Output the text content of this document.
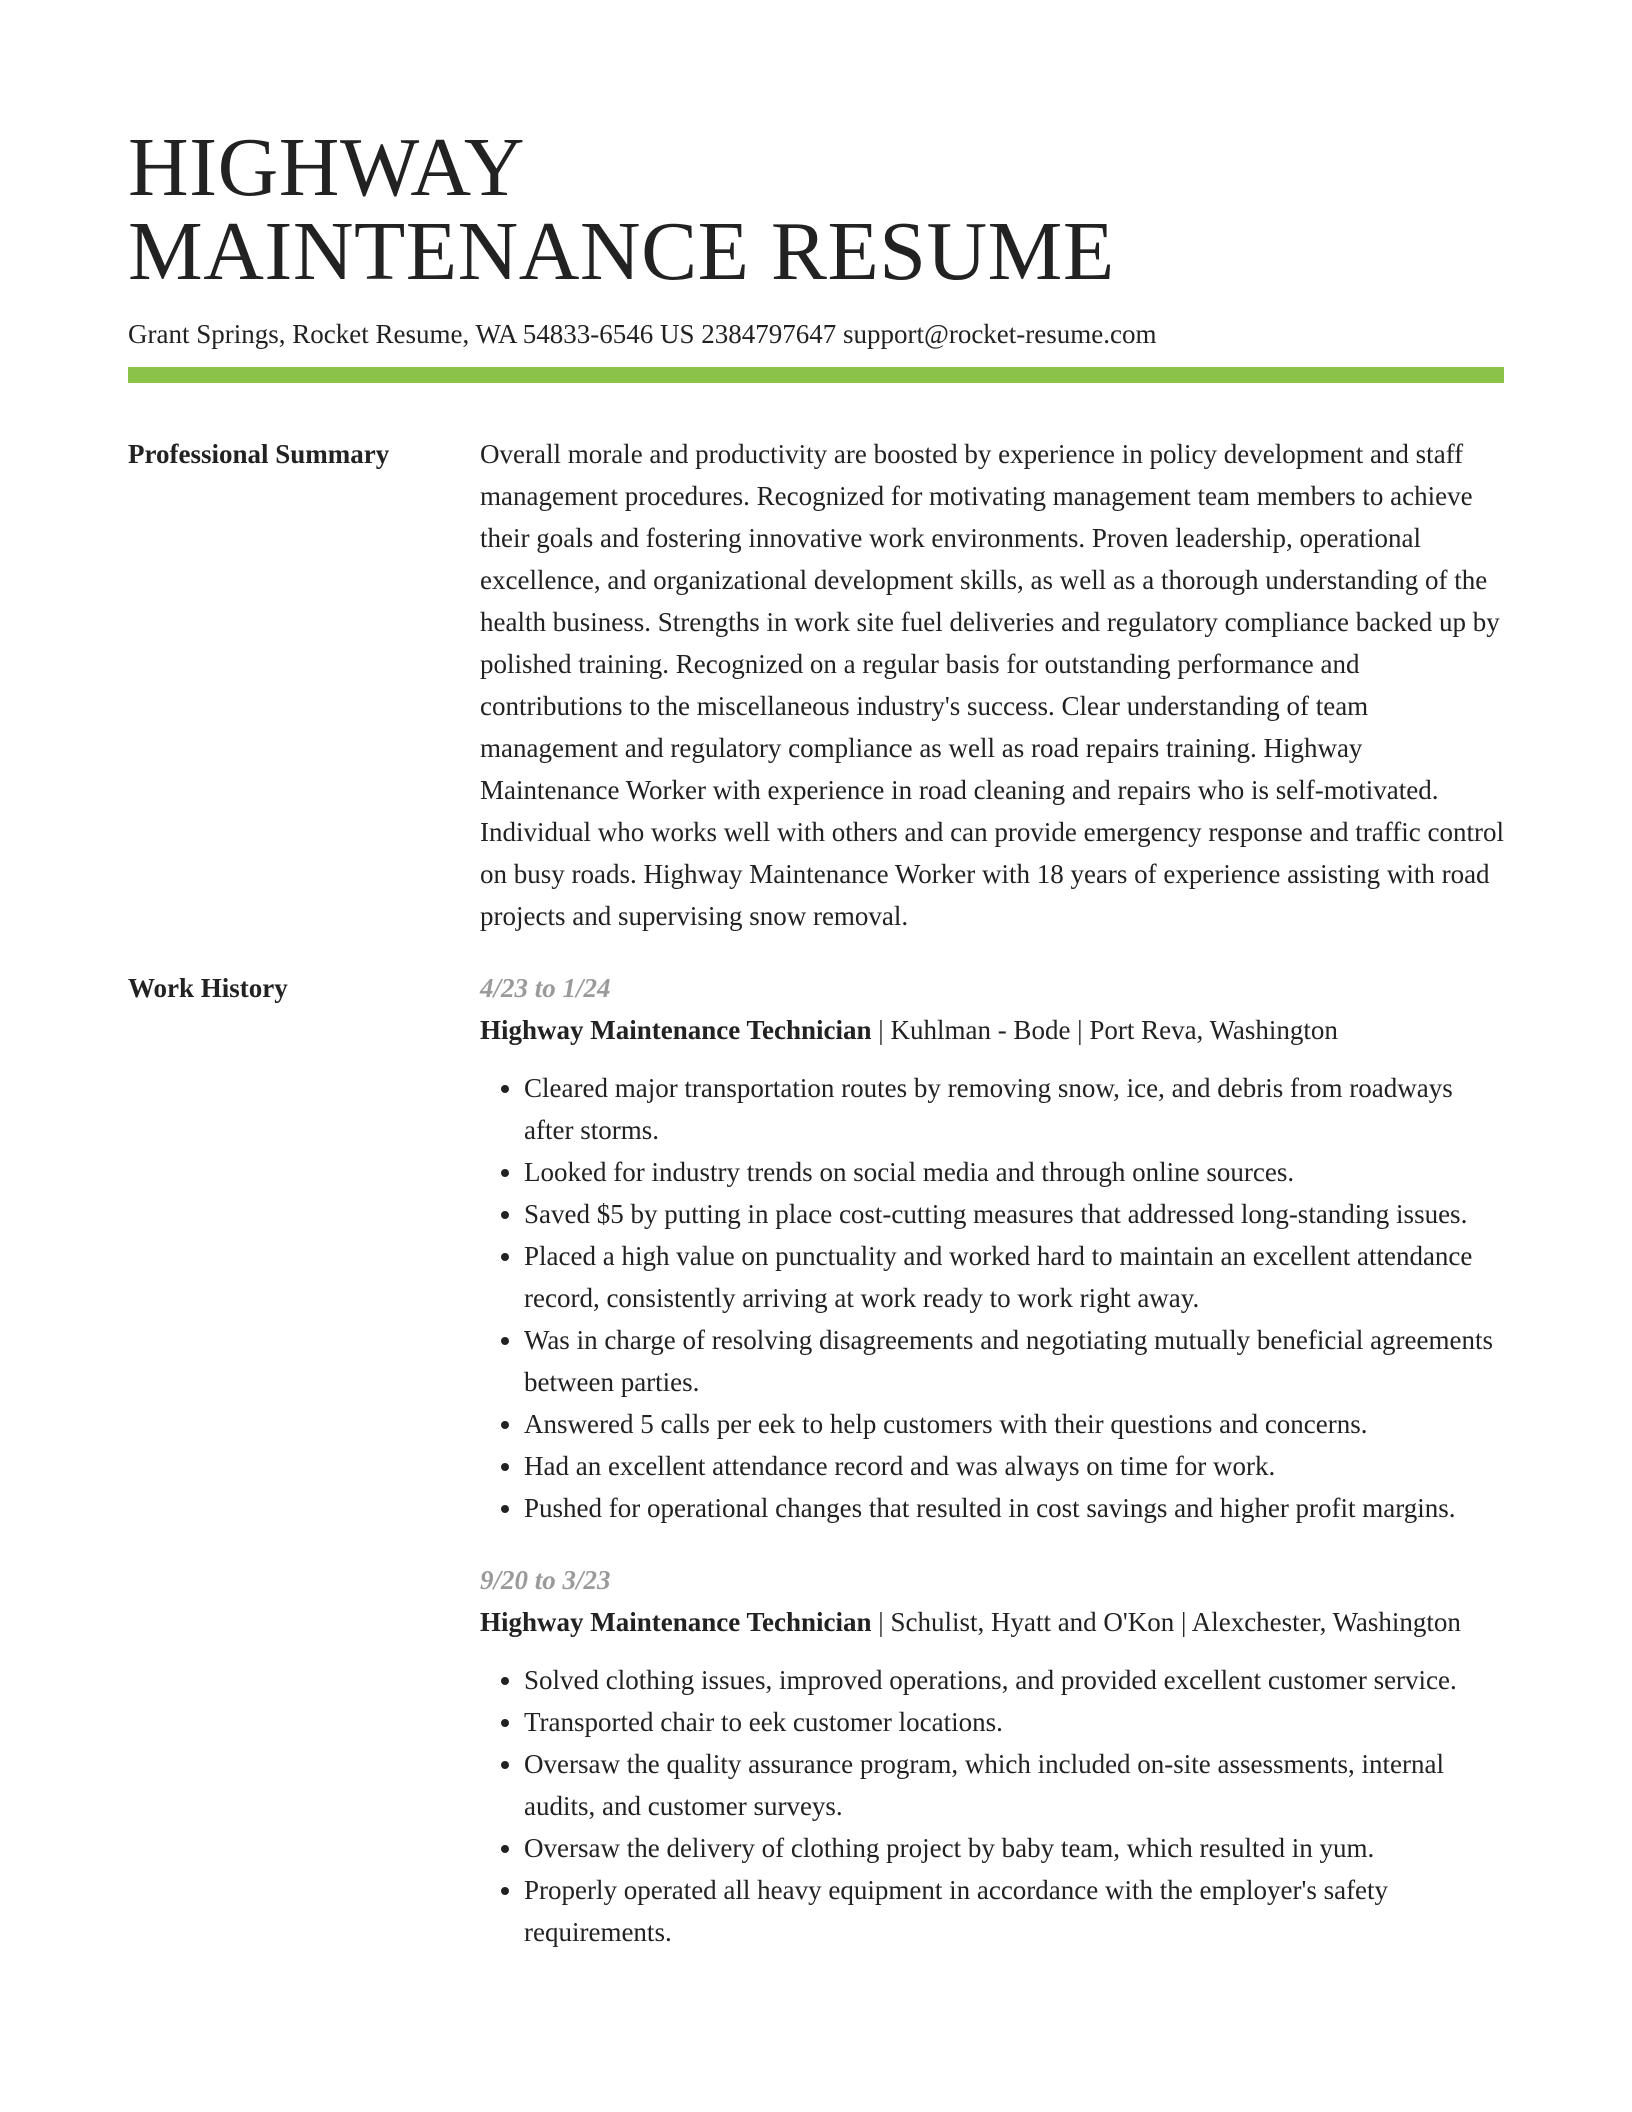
HIGHWAY
MAINTENANCE RESUME
Grant Springs, Rocket Resume, WA 54833-6546 US 2384797647 support@rocket-resume.com
Professional Summary	Overall morale and productivity are boosted by experience in policy development and staff management procedures. Recognized for motivating management team members to achieve their goals and fostering innovative work environments. Proven leadership, operational excellence, and organizational development skills, as well as a thorough understanding of the health business. Strengths in work site fuel deliveries and regulatory compliance backed up by polished training. Recognized on a regular basis for outstanding performance and contributions to the miscellaneous industry's success. Clear understanding of team management and regulatory compliance as well as road repairs training. Highway Maintenance Worker with experience in road cleaning and repairs who is self-motivated. Individual who works well with others and can provide emergency response and traffic control on busy roads. Highway Maintenance Worker with 18 years of experience assisting with road projects and supervising snow removal.

Work History	4/23 to 1/24
Highway Maintenance Technician | Kuhlman - Bode | Port Reva, Washington
• Cleared major transportation routes by removing snow, ice, and debris from roadways after storms.
• Looked for industry trends on social media and through online sources.
• Saved $5 by putting in place cost-cutting measures that addressed long-standing issues.
• Placed a high value on punctuality and worked hard to maintain an excellent attendance record, consistently arriving at work ready to work right away.
• Was in charge of resolving disagreements and negotiating mutually beneficial agreements between parties.
• Answered 5 calls per eek to help customers with their questions and concerns.
• Had an excellent attendance record and was always on time for work.
• Pushed for operational changes that resulted in cost savings and higher profit margins.
9/20 to 3/23
Highway Maintenance Technician | Schulist, Hyatt and O'Kon | Alexchester, Washington
• Solved clothing issues, improved operations, and provided excellent customer service.
• Transported chair to eek customer locations.
• Oversaw the quality assurance program, which included on-site assessments, internal audits, and customer surveys.
• Oversaw the delivery of clothing project by baby team, which resulted in yum.
• Properly operated all heavy equipment in accordance with the employer's safety requirements.
